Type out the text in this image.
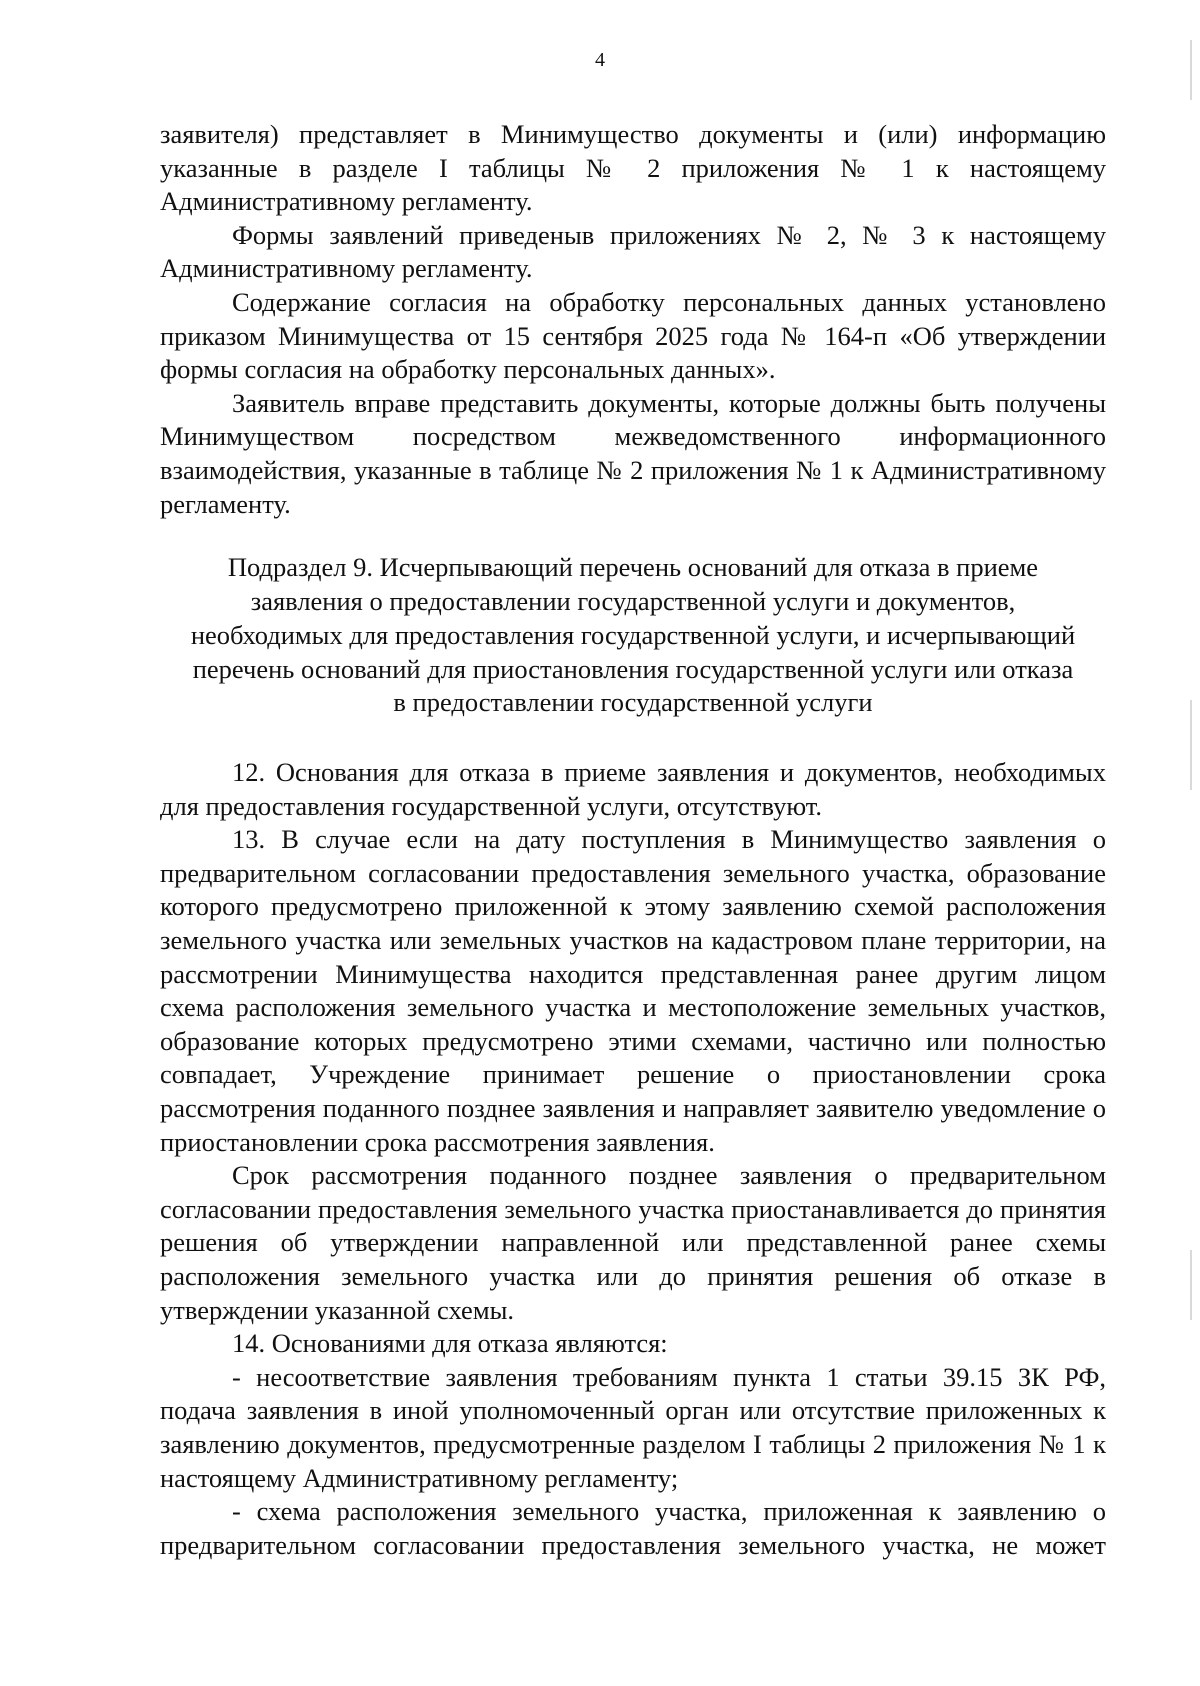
4

заявителя) представляет в Минимущество документы и (или) информацию указанные в разделе I таблицы № 2 приложения № 1 к настоящему Административному регламенту.

Формы заявлений приведеныв приложениях № 2, № 3 к настоящему Административному регламенту.

Содержание согласия на обработку персональных данных установлено приказом Минимущества от 15 сентября 2025 года № 164-п «Об утверждении формы согласия на обработку персональных данных».

Заявитель вправе представить документы, которые должны быть получены Минимуществом посредством межведомственного информационного взаимодействия, указанные в таблице № 2 приложения № 1 к Административному регламенту.

Подраздел 9. Исчерпывающий перечень оснований для отказа в приеме
заявления о предоставлении государственной услуги и документов,
необходимых для предоставления государственной услуги, и исчерпывающий
перечень оснований для приостановления государственной услуги или отказа
в предоставлении государственной услуги

12. Основания для отказа в приеме заявления и документов, необходимых для предоставления государственной услуги, отсутствуют.

13. В случае если на дату поступления в Минимущество заявления о предварительном согласовании предоставления земельного участка, образование которого предусмотрено приложенной к этому заявлению схемой расположения земельного участка или земельных участков на кадастровом плане территории, на рассмотрении Минимущества находится представленная ранее другим лицом схема расположения земельного участка и местоположение земельных участков, образование которых предусмотрено этими схемами, частично или полностью совпадает, Учреждение принимает решение о приостановлении срока рассмотрения поданного позднее заявления и направляет заявителю уведомление о приостановлении срока рассмотрения заявления.

Срок рассмотрения поданного позднее заявления о предварительном согласовании предоставления земельного участка приостанавливается до принятия решения об утверждении направленной или представленной ранее схемы расположения земельного участка или до принятия решения об отказе в утверждении указанной схемы.

14. Основаниями для отказа являются:

- несоответствие заявления требованиям пункта 1 статьи 39.15 ЗК РФ, подача заявления в иной уполномоченный орган или отсутствие приложенных к заявлению документов, предусмотренные разделом I таблицы 2 приложения № 1 к настоящему Административному регламенту;

- схема расположения земельного участка, приложенная к заявлению о

предварительном согласовании предоставления земельного участка, не может
